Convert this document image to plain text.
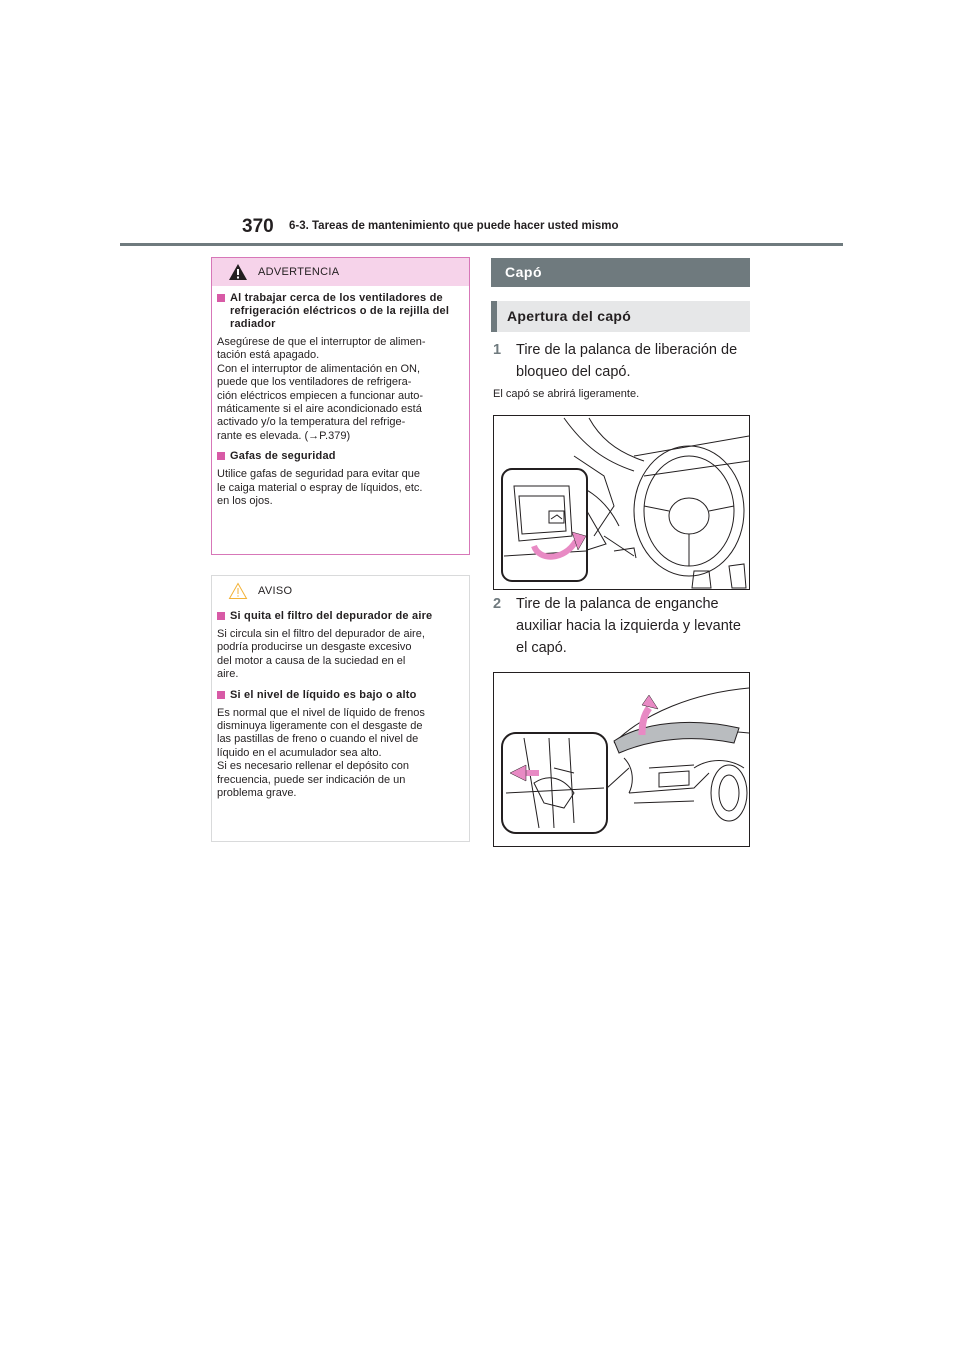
370 6-3. Tareas de mantenimiento que puede hacer usted mismo
ADVERTENCIA
Al trabajar cerca de los ventiladores de refrigeración eléctricos o de la rejilla del radiador
Asegúrese de que el interruptor de alimen-
tación está apagado.
Con el interruptor de alimentación en ON,
puede que los ventiladores de refrigera-
ción eléctricos empiecen a funcionar auto-
máticamente si el aire acondicionado está
activado y/o la temperatura del refrige-
rante es elevada. (→P.379)
Gafas de seguridad
Utilice gafas de seguridad para evitar que
le caiga material o espray de líquidos, etc.
en los ojos.
AVISO
Si quita el filtro del depurador de aire
Si circula sin el filtro del depurador de aire,
podría producirse un desgaste excesivo
del motor a causa de la suciedad en el
aire.
Si el nivel de líquido es bajo o alto
Es normal que el nivel de líquido de frenos
disminuya ligeramente con el desgaste de
las pastillas de freno o cuando el nivel de
líquido en el acumulador sea alto.
Si es necesario rellenar el depósito con
frecuencia, puede ser indicación de un
problema grave.
Capó
Apertura del capó
1 Tire de la palanca de liberación de
bloqueo del capó.
El capó se abrirá ligeramente.
2 Tire de la palanca de enganche
auxiliar hacia la izquierda y levante
el capó.
